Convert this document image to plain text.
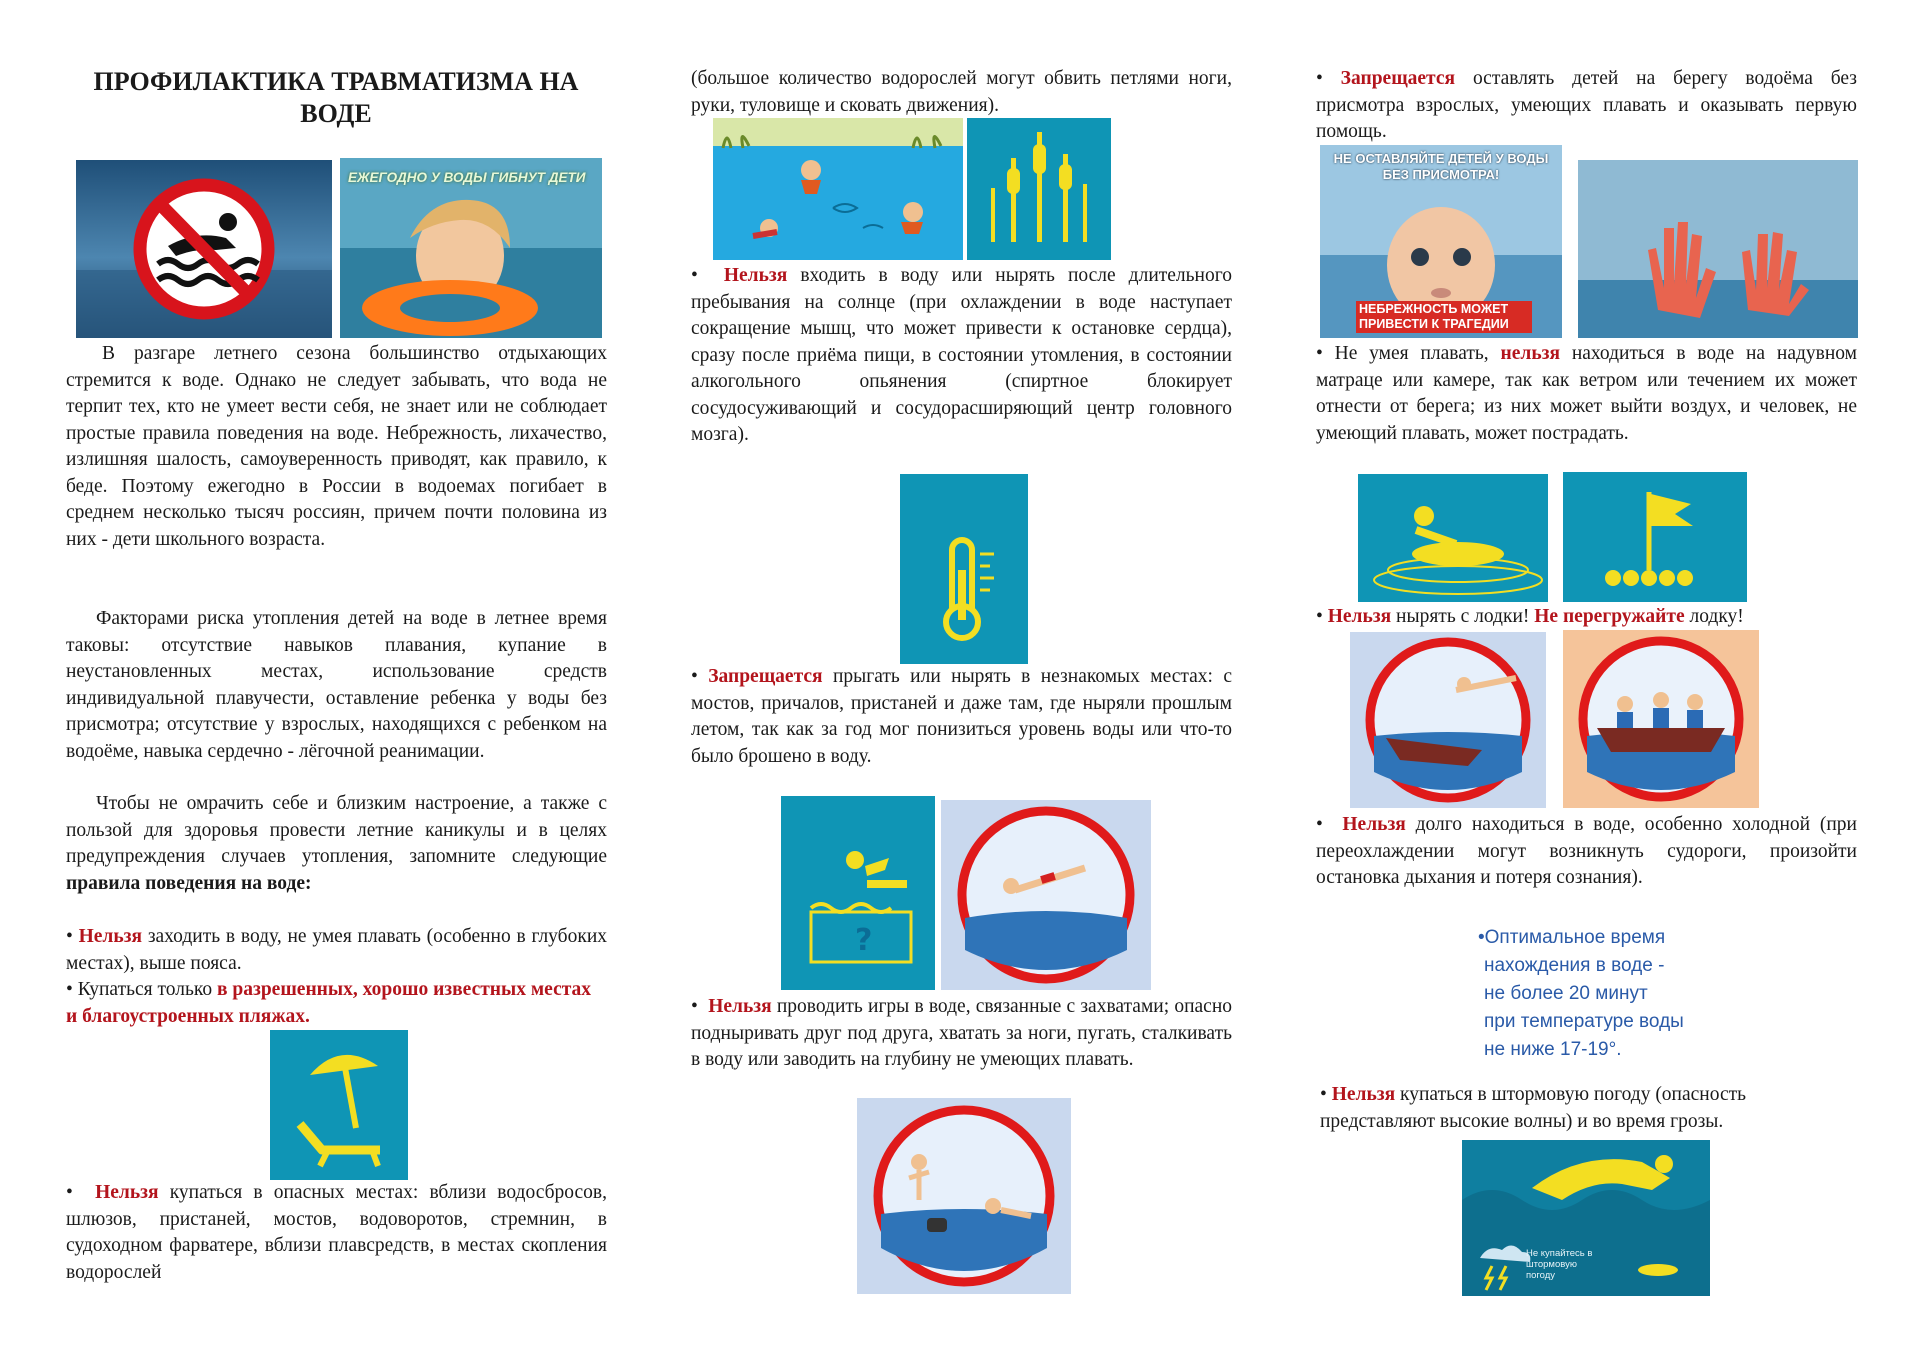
ПРОФИЛАКТИКА ТРАВМАТИЗМА НА ВОДЕ
ЕЖЕГОДНО У ВОДЫ ГИБНУТ ДЕТИ

В разгаре летнего сезона большинство отдыхающих стремится к воде. Однако не следует забывать, что вода не терпит тех, кто не умеет вести себя, не знает или не соблюдает простые правила поведения на воде. Небрежность, лихачество, излишняя шалость, самоуверенность приводят, как правило, к беде. Поэтому ежегодно в России в водоемах погибает в среднем несколько тысяч россиян, причем почти половина из них - дети школьного возраста.

Факторами риска утопления детей на воде в летнее время таковы: отсутствие навыков плавания, купание в неустановленных местах, использование средств индивидуальной плавучести, оставление ребенка у воды без присмотра; отсутствие у взрослых, находящихся с ребенком на водоёме, навыка сердечно - лёгочной реанимации.

Чтобы не омрачить себе и близким настроение, а также с пользой для здоровья провести летние каникулы и в целях предупреждения случаев утопления, запомните следующие правила поведения на воде:

• Нельзя заходить в воду, не умея плавать (особенно в глубоких местах), выше пояса.

• Купаться только в разрешенных, хорошо известных местах и благоустроенных пляжах.

• Нельзя купаться в опасных местах: вблизи водосбросов, шлюзов, пристаней, мостов, водоворотов, стремнин, в судоходном фарватере, вблизи плавсредств, в местах скопления водорослей

(большое количество водорослей могут обвить петлями ноги, руки, туловище и сковать движения).

• Нельзя входить в воду или нырять после длительного пребывания на солнце (при охлаждении в воде наступает сокращение мышц, что может привести к остановке сердца), сразу после приёма пищи, в состоянии утомления, в состоянии алкогольного опьянения (спиртное блокирует сосудосуживающий и сосудорасширяющий центр головного мозга).

• Запрещается прыгать или нырять в незнакомых местах: с мостов, причалов, пристаней и даже там, где ныряли прошлым летом, так как за год мог понизиться уровень воды или что-то было брошено в воду.

?

• Нельзя проводить игры в воде, связанные с захватами; опасно подныривать друг под друга, хватать за ноги, пугать, сталкивать в воду или заводить на глубину не умеющих плавать.

• Запрещается оставлять детей на берегу водоёма без присмотра взрослых, умеющих плавать и оказывать первую помощь.

НЕ ОСТАВЛЯЙТЕ ДЕТЕЙ У ВОДЫ БЕЗ ПРИСМОТРА!
НЕБРЕЖНОСТЬ МОЖЕТ ПРИВЕСТИ К ТРАГЕДИИ

• Не умея плавать, нельзя находиться в воде на надувном матраце или камере, так как ветром или течением их может отнести от берега; из них может выйти воздух, и человек, не умеющий плавать, может пострадать.

• Нельзя нырять с лодки! Не перегружайте лодку!

• Нельзя долго находиться в воде, особенно холодной (при переохлаждении могут возникнуть судороги, произойти остановка дыхания и потеря сознания).

•Оптимальное время
нахождения в воде -
не более 20 минут
при температуре воды
не ниже 17-19°.

• Нельзя купаться в штормовую погоду (опасность представляют высокие волны) и во время грозы.

Не купайтесь в штормовую погоду
